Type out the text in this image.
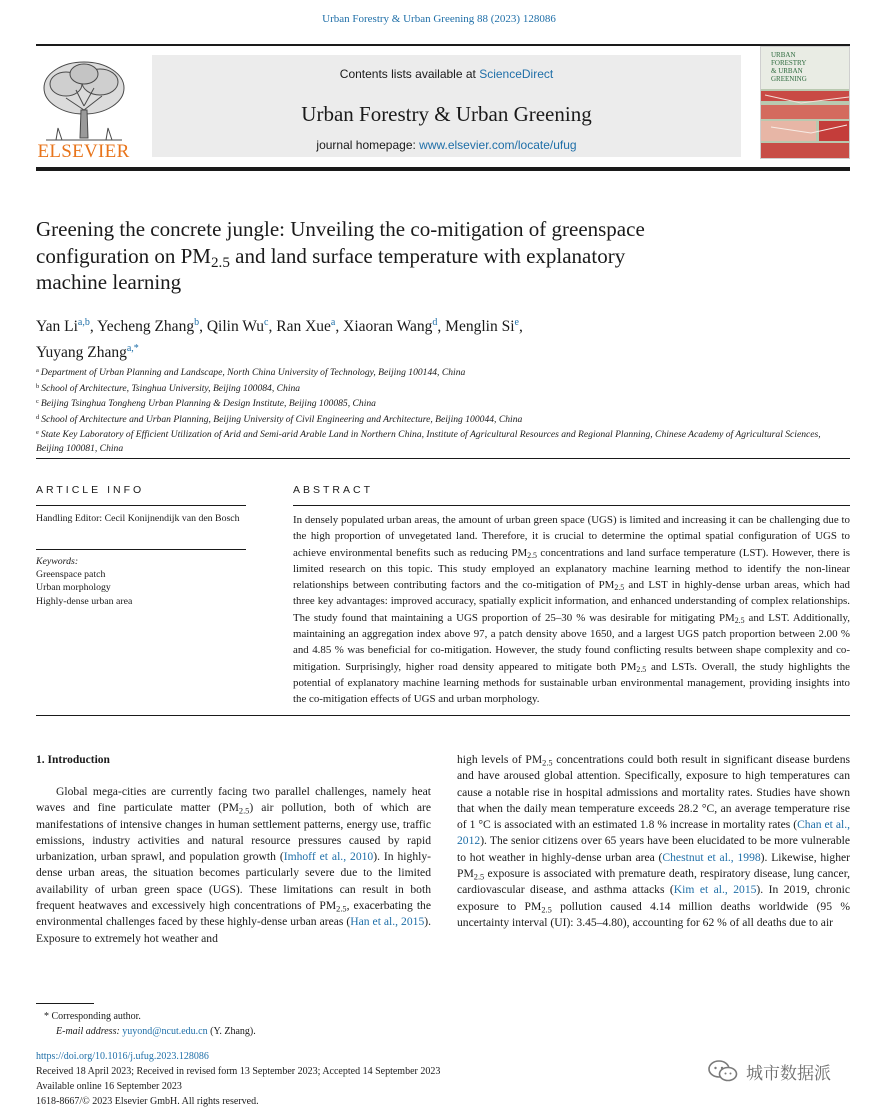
Urban Forestry & Urban Greening 88 (2023) 128086
ELSEVIER
Contents lists available at ScienceDirect
Urban Forestry & Urban Greening
journal homepage: www.elsevier.com/locate/ufug
URBAN
FORESTRY
& URBAN
GREENING
Greening the concrete jungle: Unveiling the co-mitigation of greenspace
configuration on $PM_{2.5}$ and land surface temperature with explanatory
machine learning
Yan Li$^{a,b}$, Yecheng Zhang$^b$, Qilin Wu$^c$, Ran Xue$^a$, Xiaoran Wang$^d$, Menglin Si$^e$,
Yuyang Zhang$^{a,*}$
$^a$ Department of Urban Planning and Landscape, North China University of Technology, Beijing 100144, China
$^b$ School of Architecture, Tsinghua University, Beijing 100084, China
$^c$ Beijing Tsinghua Tongheng Urban Planning & Design Institute, Beijing 100085, China
$^d$ School of Architecture and Urban Planning, Beijing University of Civil Engineering and Architecture, Beijing 100044, China
$^e$ State Key Laboratory of Efficient Utilization of Arid and Semi-arid Arable Land in Northern China, Institute of Agricultural Resources and Regional Planning, Chinese Academy of Agricultural Sciences, Beijing 100081, China
ARTICLE INFO
Handling Editor: Cecil Konijnendijk van den Bosch
Keywords:
Greenspace patch
Urban morphology
Highly-dense urban area
ABSTRACT
In densely populated urban areas, the amount of urban green space (UGS) is limited and increasing it can be challenging due to the high proportion of unvegetated land. Therefore, it is crucial to determine the optimal spatial configuration of UGS to achieve environmental benefits such as reducing $PM_{2.5}$ concentrations and land surface temperature (LST). However, there is limited research on this topic. This study employed an explanatory machine learning method to identify the non-linear relationships between contributing factors and the co-mitigation of $PM_{2.5}$ and LST in highly-dense urban areas, which had three key advantages: improved accuracy, spatially explicit information, and enhanced understanding of complex relationships. The study found that maintaining a UGS proportion of 25–30 % was desirable for mitigating $PM_{2.5}$ and LST. Additionally, maintaining an aggregation index above 97, a patch density above 1650, and a largest UGS patch proportion between 2.00 % and 4.85 % was beneficial for co-mitigation. However, the study found conflicting results between shape complexity and co-mitigation. Surprisingly, higher road density appeared to mitigate both $PM_{2.5}$ and LSTs. Overall, the study highlights the potential of explanatory machine learning methods for sustainable urban environmental management, providing insights into the co-mitigation effects of UGS and urban morphology.
1. Introduction
Global mega-cities are currently facing two parallel challenges, namely heat waves and fine particulate matter $(PM_{2.5})$ air pollution, both of which are manifestations of intensive changes in human settlement patterns, energy use, traffic emissions, industry activities and natural resource pressures caused by rapid urbanization, urban sprawl, and population growth (Imhoff et al., 2010). In highly-dense urban areas, the situation becomes particularly severe due to the limited availability of urban green space (UGS). These limitations can result in both frequent heatwaves and excessively high concentrations of $PM_{2.5}$, exacerbating the environmental challenges faced by these highly-dense urban areas (Han et al., 2015). Exposure to extremely hot weather and
high levels of $PM_{2.5}$ concentrations could both result in significant disease burdens and have aroused global attention. Specifically, exposure to high temperatures can cause a notable rise in hospital admissions and mortality rates. Studies have shown that when the daily mean temperature exceeds 28.2 °C, an average temperature rise of 1 °C is associated with an estimated 1.8 % increase in mortality rates (Chan et al., 2012). The senior citizens over 65 years have been elucidated to be more vulnerable to hot weather in highly-dense urban area (Chestnut et al., 1998). Likewise, higher $PM_{2.5}$ exposure is associated with premature death, respiratory disease, lung cancer, cardiovascular disease, and asthma attacks (Kim et al., 2015). In 2019, chronic exposure to $PM_{2.5}$ pollution caused 4.14 million deaths worldwide (95 % uncertainty interval (UI): 3.45–4.80), accounting for 62 % of all deaths due to air
* Corresponding author.
E-mail address: yuyond@ncut.edu.cn (Y. Zhang).
https://doi.org/10.1016/j.ufug.2023.128086
Received 18 April 2023; Received in revised form 13 September 2023; Accepted 14 September 2023
Available online 16 September 2023
1618-8667/© 2023 Elsevier GmbH. All rights reserved.
城市数据派
